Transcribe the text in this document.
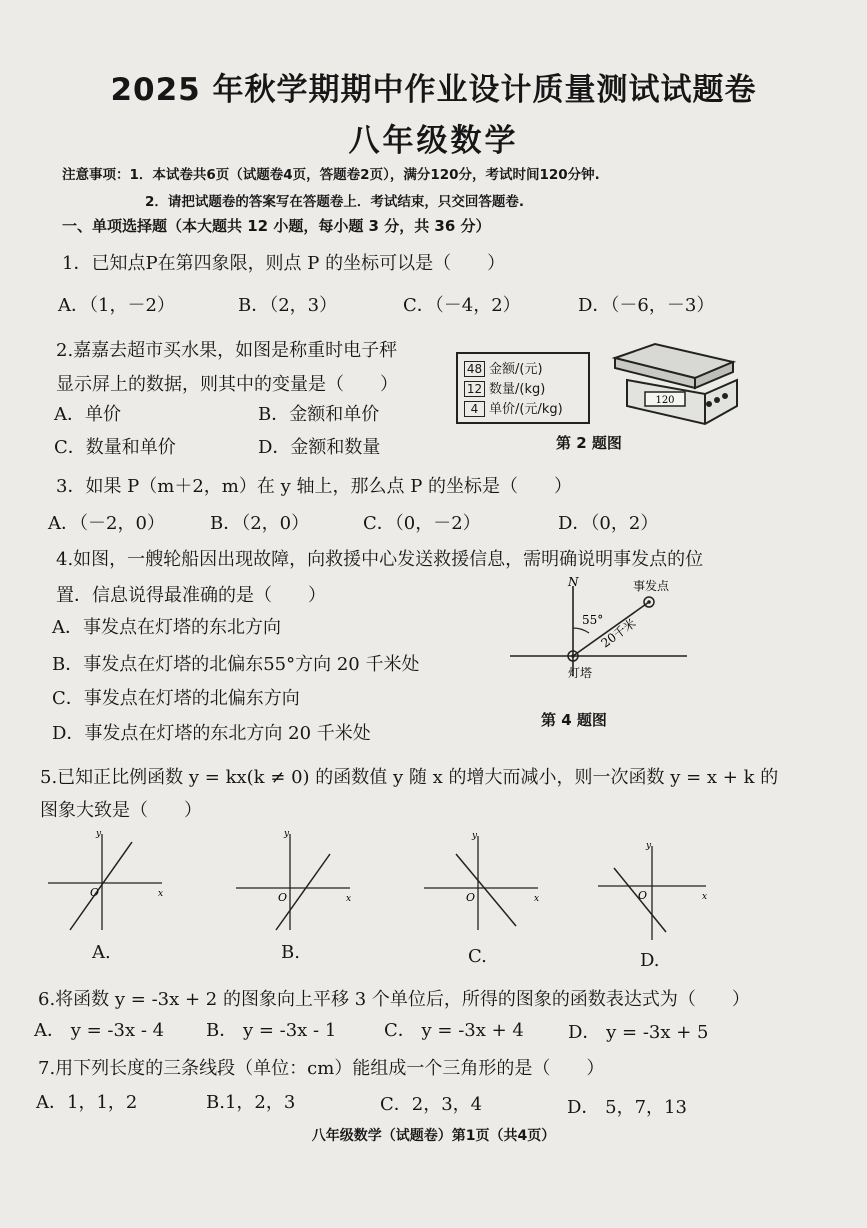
2025 年秋学期期中作业设计质量测试试题卷
八年级数学
注意事项：1．本试卷共6页（试题卷4页，答题卷2页），满分120分，考试时间120分钟.
2．请把试题卷的答案写在答题卷上．考试结束，只交回答题卷.
一、单项选择题（本大题共 12 小题，每小题 3 分，共 36 分）
1．已知点P在第四象限，则点 P 的坐标可以是（　　）
A．（1，－2）	B．（2，3）	C．（－4，2）	D．（－6，－3）
2.嘉嘉去超市买水果，如图是称重时电子秤
显示屏上的数据，则其中的变量是（　　）
A．单价	B．金额和单价
C．数量和单价	D．金额和数量
48 金额/(元)
12 数量/(kg)
4 单价/(元/kg)
120
第 2 题图
3．如果 P（m＋2，m）在 y 轴上，那么点 P 的坐标是（　　）
A．（－2，0）	B．（2，0）	C．（0，－2）	D．（0，2）
4.如图，一艘轮船因出现故障，向救援中心发送救援信息，需明确说明事发点的位
置．信息说得最准确的是（　　）
A．事发点在灯塔的东北方向
B．事发点在灯塔的北偏东55°方向 20 千米处
C．事发点在灯塔的北偏东方向
D．事发点在灯塔的东北方向 20 千米处
N
55°
20千米
事发点
灯塔
第 4 题图
5.已知正比例函数 y = kx(k ≠ 0) 的函数值 y 随 x 的增大而减小，则一次函数 y = x + k 的
图象大致是（　　）
x
y
O
A.
x
y
O
B.
x
y
O
C.
x
y
O
D.
6.将函数 y = -3x + 2 的图象向上平移 3 个单位后，所得的图象的函数表达式为（　　）
A． y = -3x - 4 B． y = -3x - 1	C． y = -3x + 4 D． y = -3x + 5
7.用下列长度的三条线段（单位：cm）能组成一个三角形的是（　　）
A．1，1，2	B.1，2，3	C．2，3，4	D． 5，7，13
八年级数学（试题卷）第1页（共4页）
